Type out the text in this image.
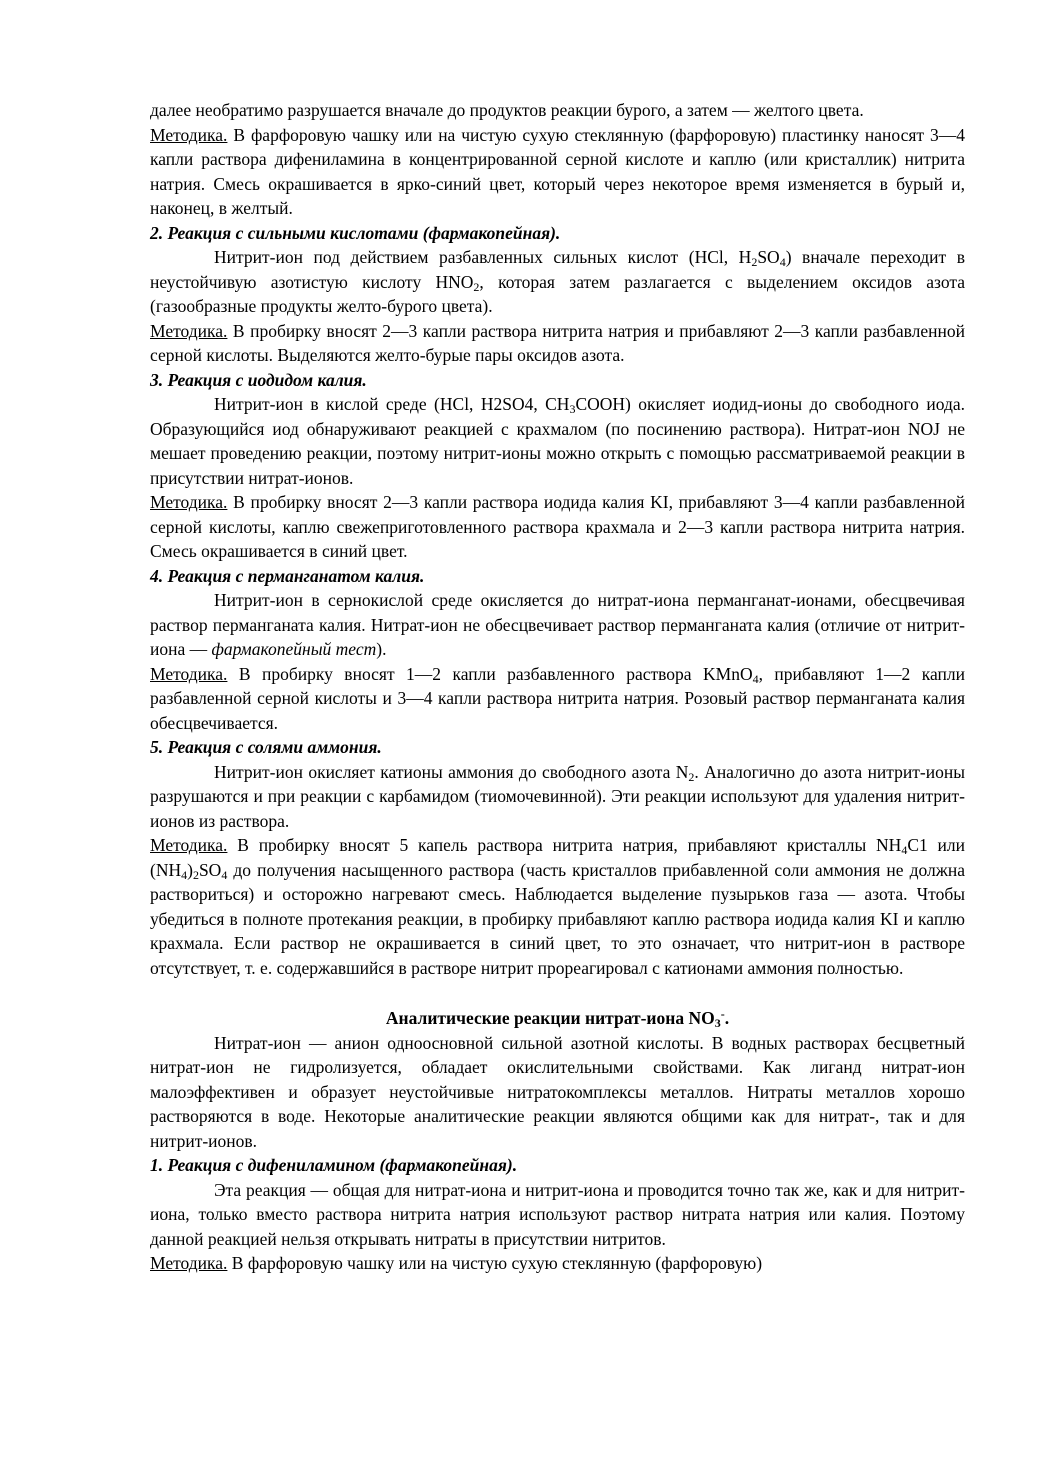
далее необратимо разрушается вначале до продуктов реакции бурого, а затем — желтого цвета.

Методика. В фарфоровую чашку или на чистую сухую стеклянную (фарфоровую) пластинку наносят 3—4 капли раствора дифениламина в концентрированной серной кислоте и каплю (или кристаллик) нитрита натрия. Смесь окрашивается в ярко-синий цвет, который через некоторое время изменяется в бурый и, наконец, в желтый.

2. Реакция с сильными кислотами (фармакопейная).

Нитрит-ион под действием разбавленных сильных кислот (HCl, $H_2SO_4$) вначале переходит в неустойчивую азотистую кислоту $HNO_2$, которая затем разлагается с выделением оксидов азота (газообразные продукты желто-бурого цвета).

Методика. В пробирку вносят 2—3 капли раствора нитрита натрия и прибавляют 2—3 капли разбавленной серной кислоты. Выделяются желто-бурые пары оксидов азота.

3. Реакция с иодидом калия.

Нитрит-ион в кислой среде (HCl, H2SO4, $CH_3COOH$) окисляет иодид-ионы до свободного иода. Образующийся иод обнаруживают реакцией с крахмалом (по посинению раствора). Нитрат-ион NOJ не мешает проведению реакции, поэтому нитрит-ионы можно открыть с помощью рассматриваемой реакции в присутствии нитрат-ионов.

Методика. В пробирку вносят 2—3 капли раствора иодида калия KI, прибавляют 3—4 капли разбавленной серной кислоты, каплю свежеприготовленного раствора крахмала и 2—3 капли раствора нитрита натрия. Смесь окрашивается в синий цвет.

4. Реакция с перманганатом калия.

Нитрит-ион в сернокислой среде окисляется до нитрат-иона перманганат-ионами, обесцвечивая раствор перманганата калия. Нитрат-ион не обесцвечивает раствор перманганата калия (отличие от нитрит-иона — фармакопейный тест).

Методика. В пробирку вносят 1—2 капли разбавленного раствора KMnO$_4$, прибавляют 1—2 капли разбавленной серной кислоты и 3—4 капли раствора нитрита натрия. Розовый раствор перманганата калия обесцвечивается.

5. Реакция с солями аммония.

Нитрит-ион окисляет катионы аммония до свободного азота $N_2$. Аналогично до азота нитрит-ионы разрушаются и при реакции с карбамидом (тиомочевинной). Эти реакции используют для удаления нитрит-ионов из раствора.

Методика. В пробирку вносят 5 капель раствора нитрита натрия, прибавляют кристаллы $NH_4C1$ или $(NH_4)_2SO_4$ до получения насыщенного раствора (часть кристаллов прибавленной соли аммония не должна раствориться) и осторожно нагревают смесь. Наблюдается выделение пузырьков газа — азота. Чтобы убедиться в полноте протекания реакции, в пробирку прибавляют каплю раствора иодида калия KI и каплю крахмала. Если раствор не окрашивается в синий цвет, то это означает, что нитрит-ион в растворе отсутствует, т. е. содержавшийся в растворе нитрит прореагировал с катионами аммония полностью.

Аналитические реакции нитрат-иона $NO_3^-$.

Нитрат-ион — анион одноосновной сильной азотной кислоты. В водных растворах бесцветный нитрат-ион не гидролизуется, обладает окислительными свойствами. Как лиганд нитрат-ион малоэффективен и образует неустойчивые нитратокомплексы металлов. Нитраты металлов хорошо растворяются в воде. Некоторые аналитические реакции являются общими как для нитрат-, так и для нитрит-ионов.

1. Реакция с дифениламином (фармакопейная).

Эта реакция — общая для нитрат-иона и нитрит-иона и проводится точно так же, как и для нитрит-иона, только вместо раствора нитрита натрия используют раствор нитрата натрия или калия. Поэтому данной реакцией нельзя открывать нитраты в присутствии нитритов.

Методика. В фарфоровую чашку или на чистую сухую стеклянную (фарфоровую)
